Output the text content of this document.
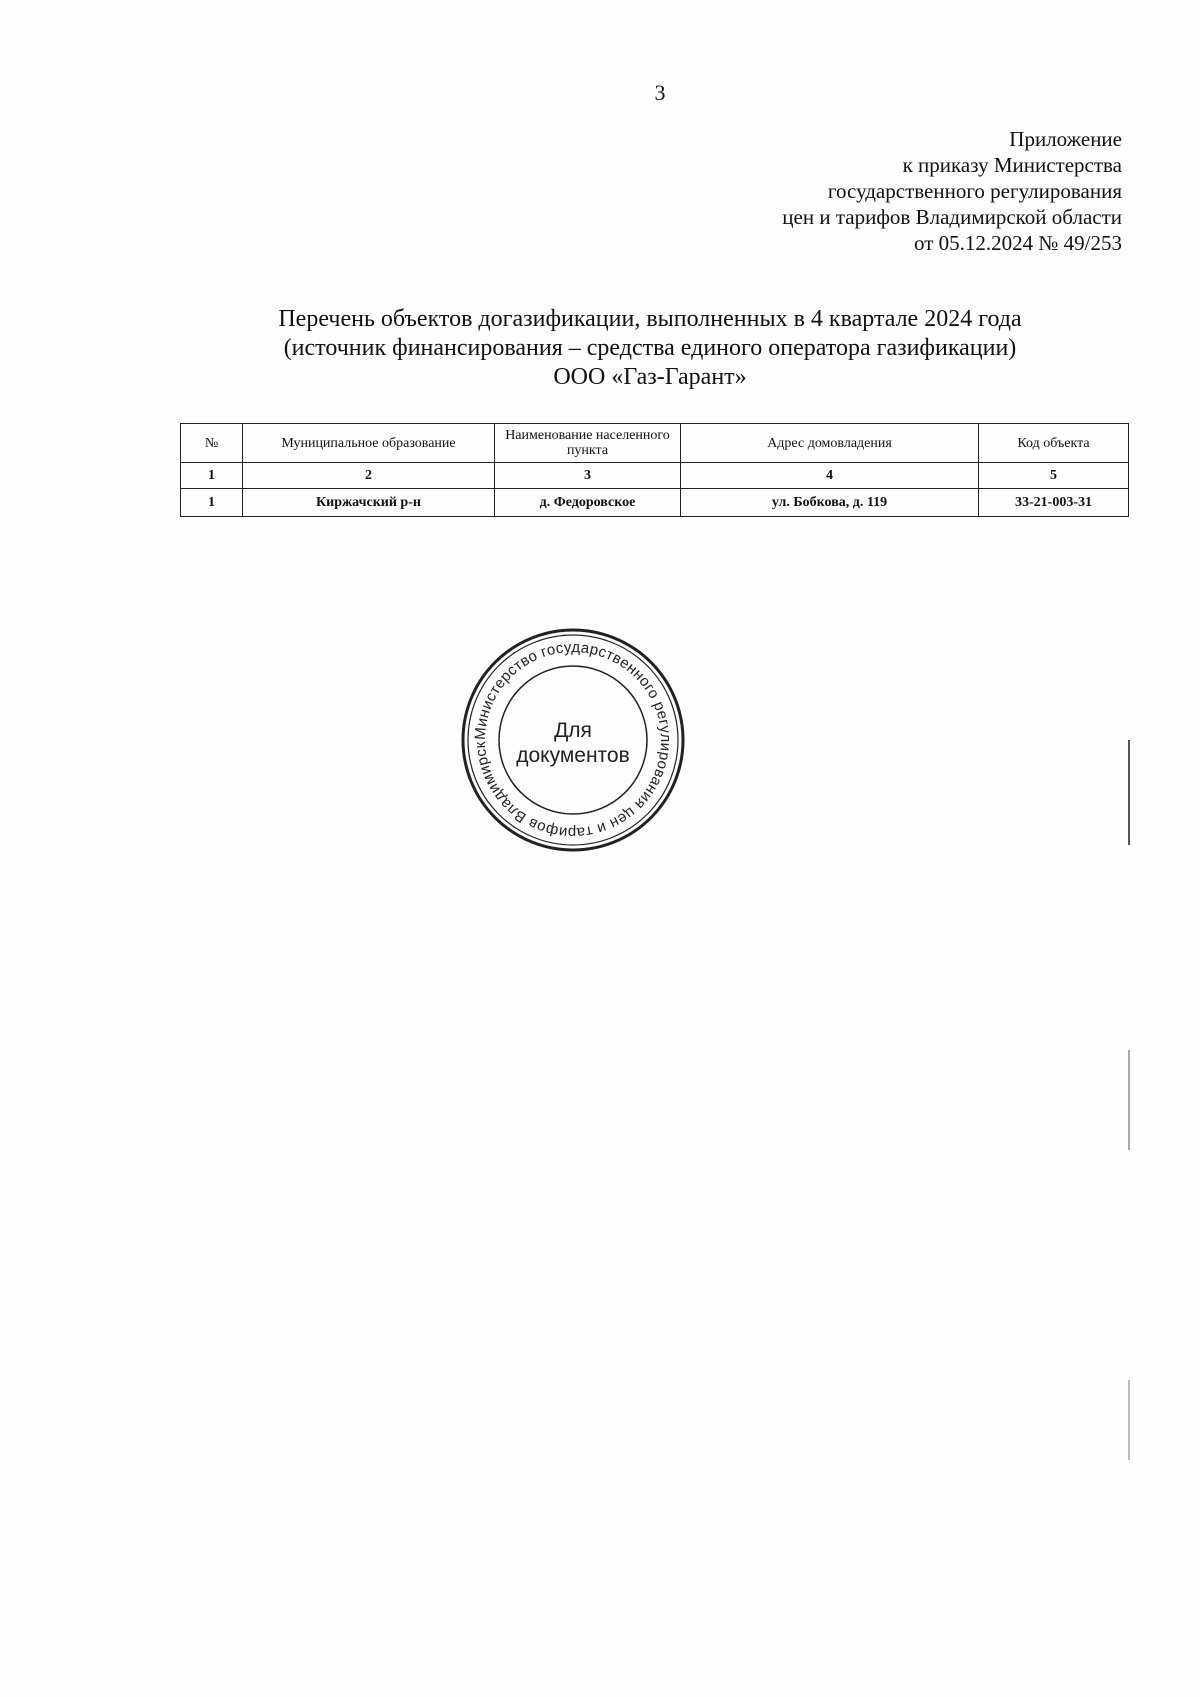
3
Приложение
к приказу Министерства
государственного регулирования
цен и тарифов Владимирской области
от 05.12.2024 № 49/253
Перечень объектов догазификации, выполненных в 4 квартале 2024 года
(источник финансирования – средства единого оператора газификации)
ООО «Газ-Гарант»
№	Муниципальное образование	Наименование населенного пункта	Адрес домовладения	Код объекта
1	2	3	4	5
1	Киржачский р-н	д. Федоровское	ул. Бобкова, д. 119	33-21-003-31
Министерство государственного регулирования цен и тарифов Владимирск
Для
документов
